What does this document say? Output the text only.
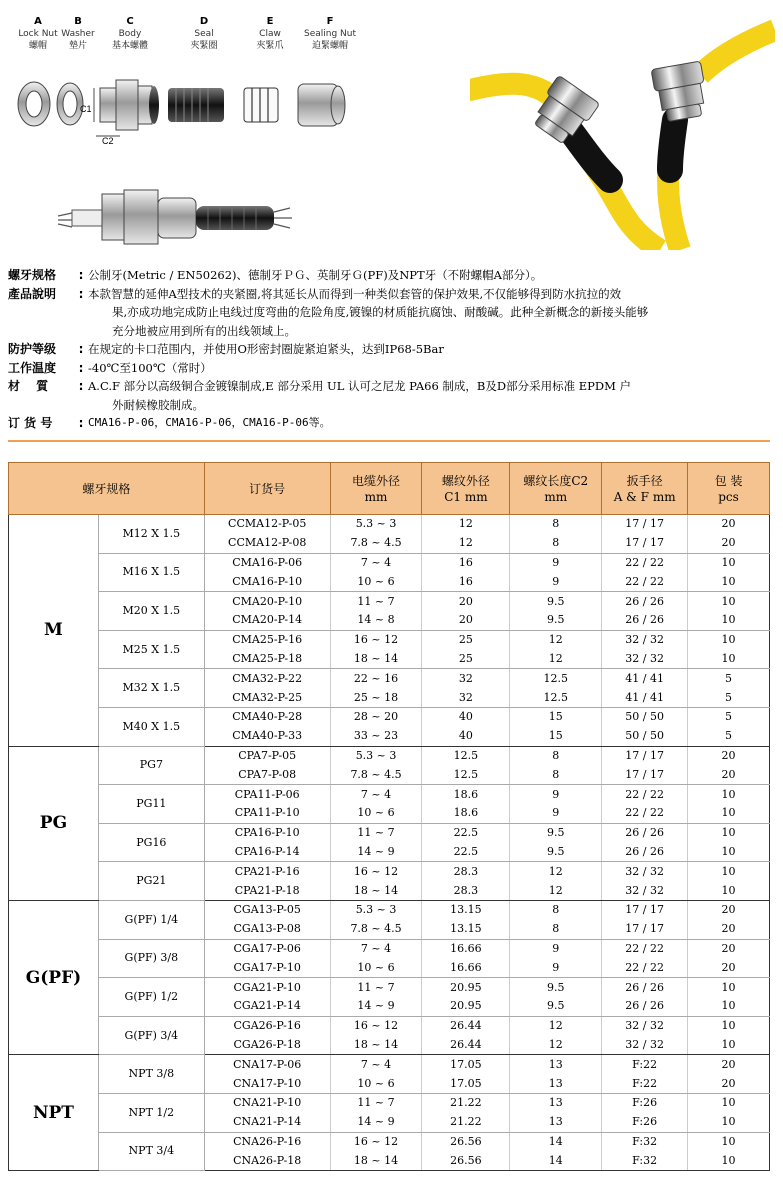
A
Lock Nut
螺帽
B
Washer
墊片
C
Body
基本螺體
D
Seal
夾緊圈
E
Claw
夾緊爪
F
Sealing Nut
迫緊螺帽
C1
C2
螺牙规格	: 公制牙(Metric / EN50262)、德制牙ＰＧ、英制牙Ｇ(PF)及NPT牙（不附螺帽A部分）。
產品說明	: 本款智慧的延伸A型技术的夹紧圈,将其延长从而得到一种类似套管的保护效果,不仅能够得到防水抗拉的效
果,亦成功地完成防止电线过度弯曲的危险角度,镀镍的材质能抗腐蚀、耐酸碱。此种全新概念的新接头能够
充分地被应用到所有的出线领域上。
防护等级	: 在规定的卡口范围内，并使用O形密封圈旋紧迫紧头，达到IP68-5Bar
工作温度	: -40℃至100℃（常时）
材　 質	: A.C.F 部分以高级铜合金镀镍制成,E 部分采用 UL 认可之尼龙 PA66 制成，B及D部分采用标准 EPDM 户
外耐候橡胶制成。
订 货 号	: CMA16-P-06，CMA16-P-06，CMA16-P-06等。
螺牙规格		订货号	电缆外径
mm	螺纹外径
C1 mm	螺纹长度C2 mm	扳手径
A & F mm	包 装
pcs
M	M12 X 1.5	CCMA12-P-05	5.3 ~ 3	12	8	17 / 17	20
		CCMA12-P-08	7.8 ~ 4.5	12	8	17 / 17	20
	M16 X 1.5	CMA16-P-06	7 ~ 4	16	9	22 / 22	10
		CMA16-P-10	10 ~ 6	16	9	22 / 22	10
	M20 X 1.5	CMA20-P-10	11 ~ 7	20	9.5	26 / 26	10
		CMA20-P-14	14 ~ 8	20	9.5	26 / 26	10
	M25 X 1.5	CMA25-P-16	16 ~ 12	25	12	32 / 32	10
		CMA25-P-18	18 ~ 14	25	12	32 / 32	10
	M32 X 1.5	CMA32-P-22	22 ~ 16	32	12.5	41 / 41	5
		CMA32-P-25	25 ~ 18	32	12.5	41 / 41	5
	M40 X 1.5	CMA40-P-28	28 ~ 20	40	15	50 / 50	5
		CMA40-P-33	33 ~ 23	40	15	50 / 50	5
PG	PG7	CPA7-P-05	5.3 ~ 3	12.5	8	17 / 17	20
		CPA7-P-08	7.8 ~ 4.5	12.5	8	17 / 17	20
	PG11	CPA11-P-06	7 ~ 4	18.6	9	22 / 22	10
		CPA11-P-10	10 ~ 6	18.6	9	22 / 22	10
	PG16	CPA16-P-10	11 ~ 7	22.5	9.5	26 / 26	10
		CPA16-P-14	14 ~ 9	22.5	9.5	26 / 26	10
	PG21	CPA21-P-16	16 ~ 12	28.3	12	32 / 32	10
		CPA21-P-18	18 ~ 14	28.3	12	32 / 32	10
G(PF)	G(PF) 1/4	CGA13-P-05	5.3 ~ 3	13.15	8	17 / 17	20
		CGA13-P-08	7.8 ~ 4.5	13.15	8	17 / 17	20
	G(PF) 3/8	CGA17-P-06	7 ~ 4	16.66	9	22 / 22	20
		CGA17-P-10	10 ~ 6	16.66	9	22 / 22	20
	G(PF) 1/2	CGA21-P-10	11 ~ 7	20.95	9.5	26 / 26	10
		CGA21-P-14	14 ~ 9	20.95	9.5	26 / 26	10
	G(PF) 3/4	CGA26-P-16	16 ~ 12	26.44	12	32 / 32	10
		CGA26-P-18	18 ~ 14	26.44	12	32 / 32	10
NPT	NPT 3/8	CNA17-P-06	7 ~ 4	17.05	13	F:22	20
		CNA17-P-10	10 ~ 6	17.05	13	F:22	20
	NPT 1/2	CNA21-P-10	11 ~ 7	21.22	13	F:26	10
		CNA21-P-14	14 ~ 9	21.22	13	F:26	10
	NPT 3/4	CNA26-P-16	16 ~ 12	26.56	14	F:32	10
		CNA26-P-18	18 ~ 14	26.56	14	F:32	10
